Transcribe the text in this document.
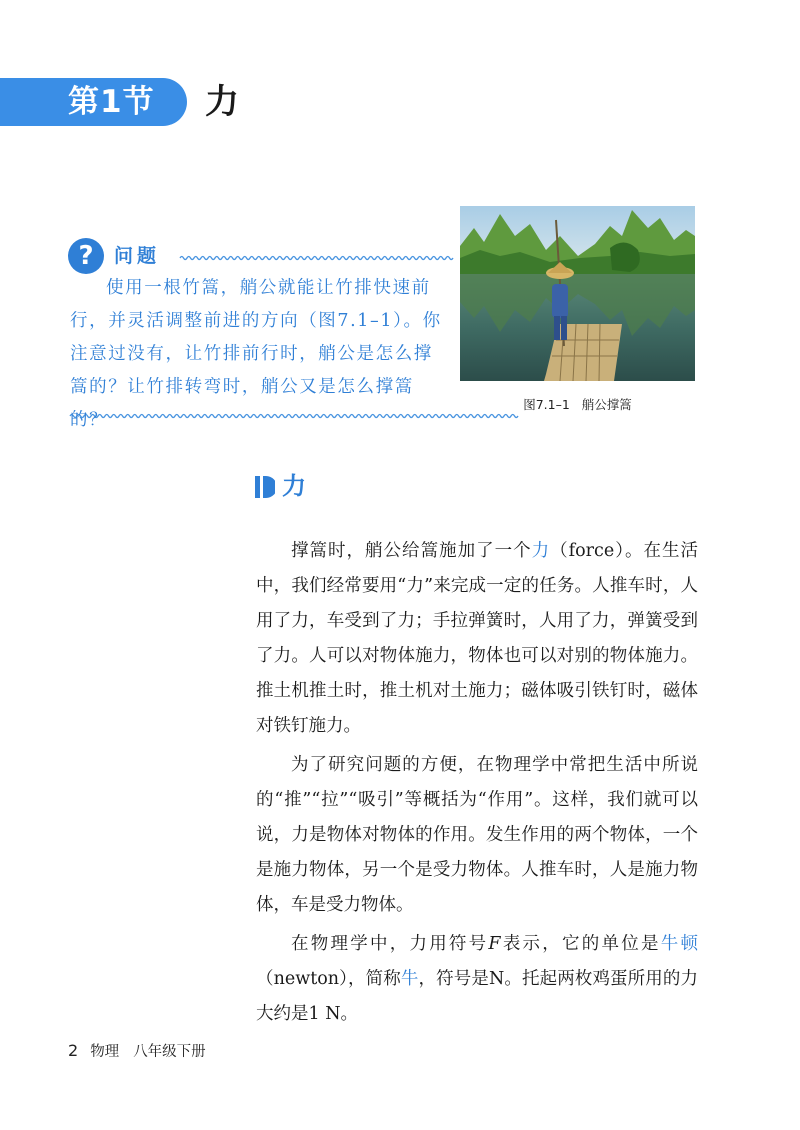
第1节 力
?	问题
使用一根竹篙，艄公就能让竹排快速前行，并灵活调整前进的方向（图7.1–1）。你注意过没有，让竹排前行时，艄公是怎么撑篙的？让竹排转弯时，艄公又是怎么撑篙的？
图7.1–1 艄公撑篙
力

撑篙时，艄公给篙施加了一个力（force）。在生活中，我们经常要用“力”来完成一定的任务。人推车时，人用了力，车受到了力；手拉弹簧时，人用了力，弹簧受到了力。人可以对物体施力，物体也可以对别的物体施力。推土机推土时，推土机对土施力；磁体吸引铁钉时，磁体对铁钉施力。

为了研究问题的方便，在物理学中常把生活中所说的“推”“拉”“吸引”等概括为“作用”。这样，我们就可以说，力是物体对物体的作用。发生作用的两个物体，一个是施力物体，另一个是受力物体。人推车时，人是施力物体，车是受力物体。

在物理学中，力用符号F表示，它的单位是牛顿（newton），简称牛，符号是N。托起两枚鸡蛋所用的力大约是1 N。

2 物理 八年级下册
